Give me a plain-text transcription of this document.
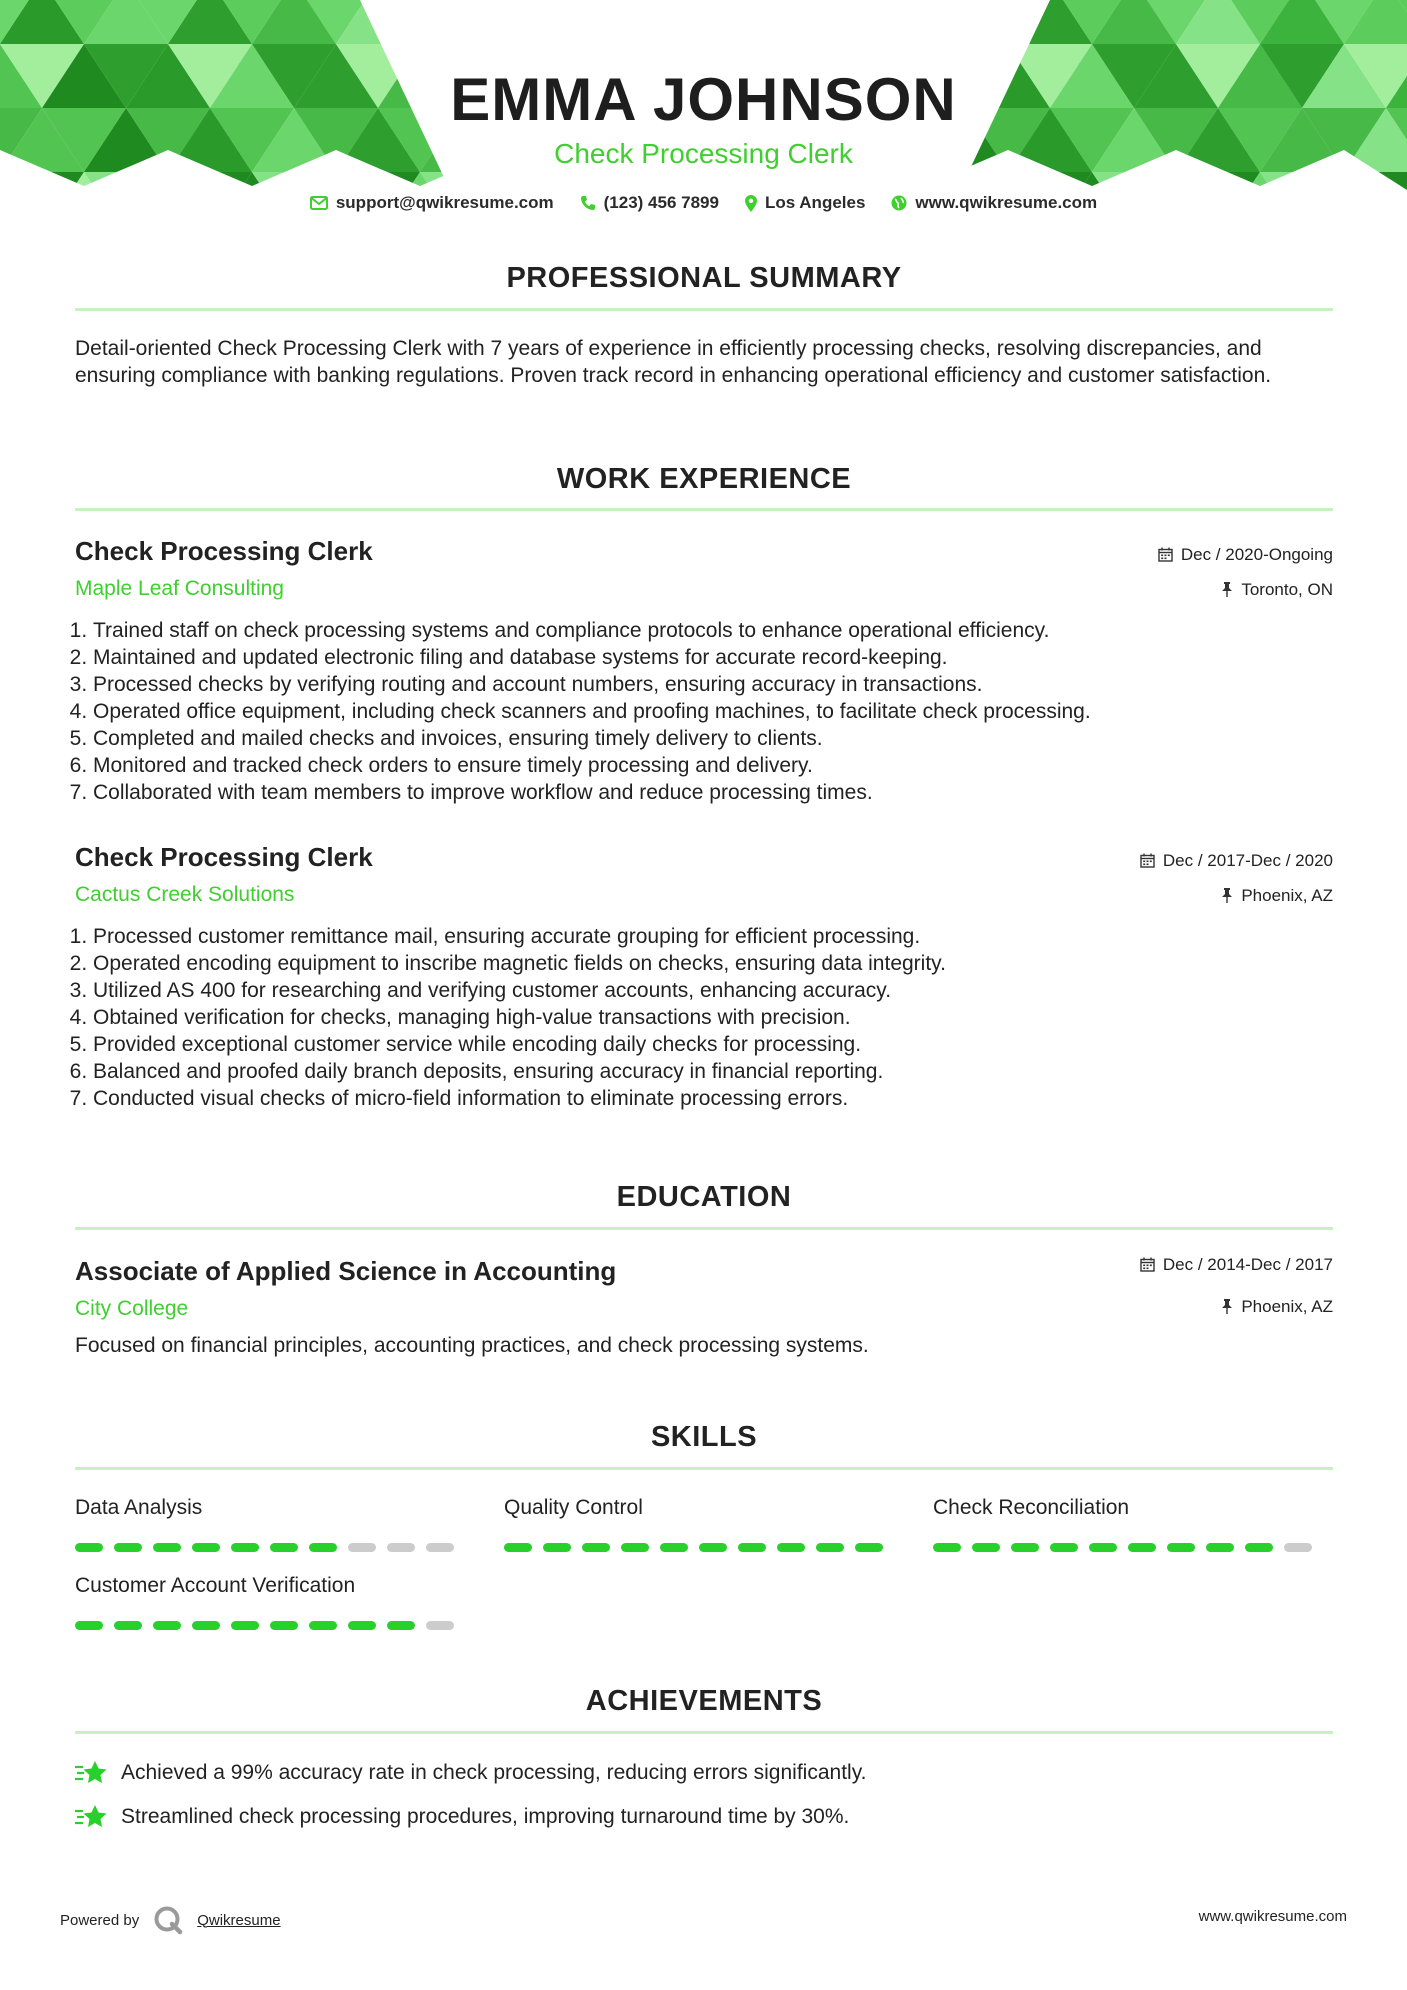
EMMA JOHNSON
Check Processing Clerk
support@qwikresume.com	(123) 456 7899	Los Angeles	www.qwikresume.com
PROFESSIONAL SUMMARY
Detail-oriented Check Processing Clerk with 7 years of experience in efficiently processing checks, resolving discrepancies, and ensuring compliance with banking regulations. Proven track record in enhancing operational efficiency and customer satisfaction.
WORK EXPERIENCE
Check Processing Clerk
Maple Leaf Consulting
Dec / 2020-Ongoing
Toronto, ON
1. Trained staff on check processing systems and compliance protocols to enhance operational efficiency.
2. Maintained and updated electronic filing and database systems for accurate record-keeping.
3. Processed checks by verifying routing and account numbers, ensuring accuracy in transactions.
4. Operated office equipment, including check scanners and proofing machines, to facilitate check processing.
5. Completed and mailed checks and invoices, ensuring timely delivery to clients.
6. Monitored and tracked check orders to ensure timely processing and delivery.
7. Collaborated with team members to improve workflow and reduce processing times.
Check Processing Clerk
Cactus Creek Solutions
Dec / 2017-Dec / 2020
Phoenix, AZ
1. Processed customer remittance mail, ensuring accurate grouping for efficient processing.
2. Operated encoding equipment to inscribe magnetic fields on checks, ensuring data integrity.
3. Utilized AS 400 for researching and verifying customer accounts, enhancing accuracy.
4. Obtained verification for checks, managing high-value transactions with precision.
5. Provided exceptional customer service while encoding daily checks for processing.
6. Balanced and proofed daily branch deposits, ensuring accuracy in financial reporting.
7. Conducted visual checks of micro-field information to eliminate processing errors.
EDUCATION
Associate of Applied Science in Accounting
City College
Dec / 2014-Dec / 2017
Phoenix, AZ
Focused on financial principles, accounting practices, and check processing systems.
SKILLS
Data Analysis	Quality Control	Check Reconciliation
Customer Account Verification
ACHIEVEMENTS
Achieved a 99% accuracy rate in check processing, reducing errors significantly.
Streamlined check processing procedures, improving turnaround time by 30%.
Powered by	Qwikresume	www.qwikresume.com
